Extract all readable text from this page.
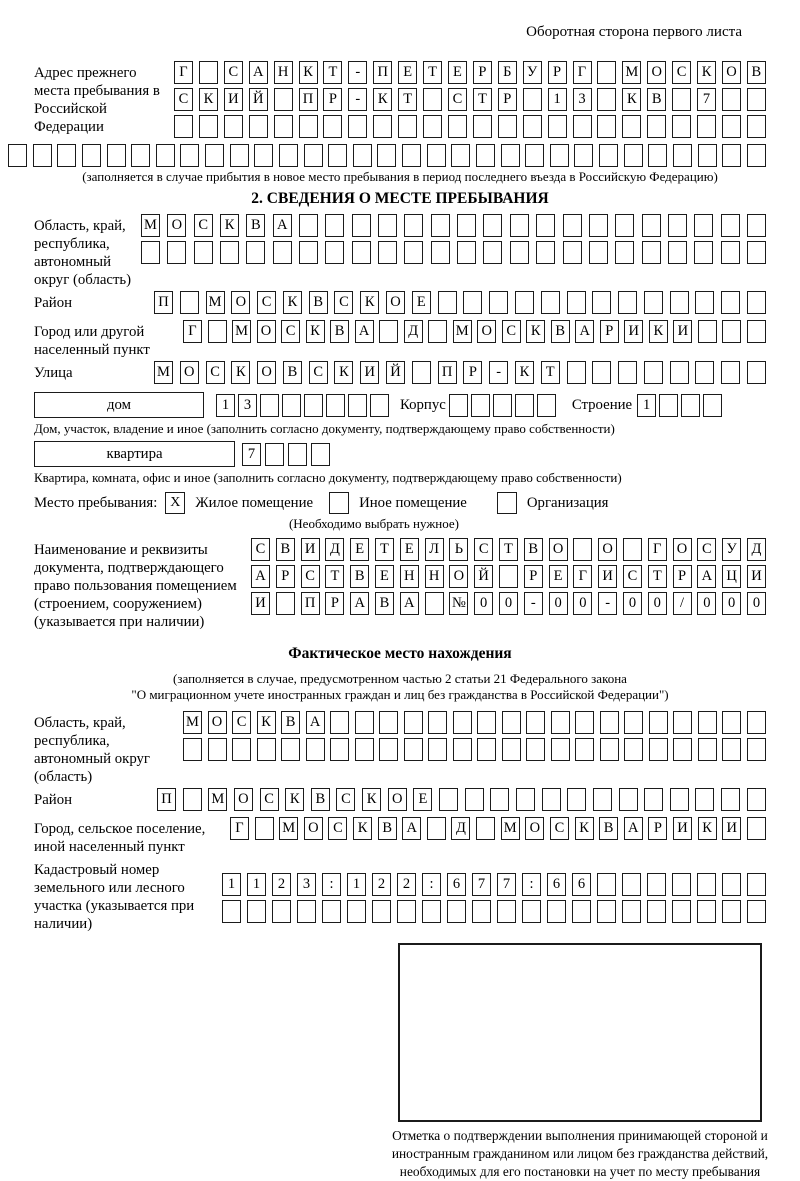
Оборотная сторона первого листа
Адрес прежнего места пребывания в Российской Федерации
Г	С	А Н	К	Т	-	П	Е	Т	Е	Р	Б	У	Р	Г	М О	С	К	О	В
С	К	И Й	П	Р	-	К	Т	С	Т	Р	1	3	К	В	7
(заполняется в случае прибытия в новое место пребывания в период последнего въезда в Российскую Федерацию)
2. СВЕДЕНИЯ О МЕСТЕ ПРЕБЫВАНИЯ
Область, край, республика, автономный округ (область)
М О	С	К	В	А
Район	П	М О	С	К	В	С	К	О	Е
Город или другой населенный пункт
Г	М О С	К	В А	Д	М О С	К	В А	Р	И К И
Улица	М О	С	К	О	В	С	К	И Й	П	Р	-	К	Т
дом	1	3	Корпус	Строение 1
Дом, участок, владение и иное (заполнить согласно документу, подтверждающему право собственности)
квартира	7
Квартира, комната, офис и иное (заполнить согласно документу, подтверждающему право собственности)
Место пребывания: X	Жилое помещение	Иное помещение	Организация
(Необходимо выбрать нужное)
Наименование и реквизиты документа, подтверждающего право пользования помещением (строением, сооружением) (указывается при наличии)
С	В	И	Д	Е	Т	Е	Л	Ь	С	Т	В	О	О	Г	О	С	У	Д
А	Р	С	Т	В	Е	Н Н О Й	Р	Е	Г	И	С	Т	Р	А Ц И
И	П	Р	А	В	А	№ 0	0	-	0	0	-	0	0	/	0	0	0
Фактическое место нахождения
(заполняется в случае, предусмотренном частью 2 статьи 21 Федерального закона
"О миграционном учете иностранных граждан и лиц без гражданства в Российской Федерации")
Область, край, республика, автономный округ (область)
М О С	К	В А
Район	П	М О	С	К	В	С	К	О	Е
Город, сельское поселение, иной населенный пункт
Г	М О	С	К	В	А	Д	М О	С	К	В	А	Р	И	К	И
Кадастровый номер земельного или лесного участка (указывается при наличии)
1	1	2	3	:	1	2	2	:	6	7	7	:	6	6
Отметка о подтверждении выполнения принимающей стороной и иностранным гражданином или лицом без гражданства действий, необходимых для его постановки на учет по месту пребывания
